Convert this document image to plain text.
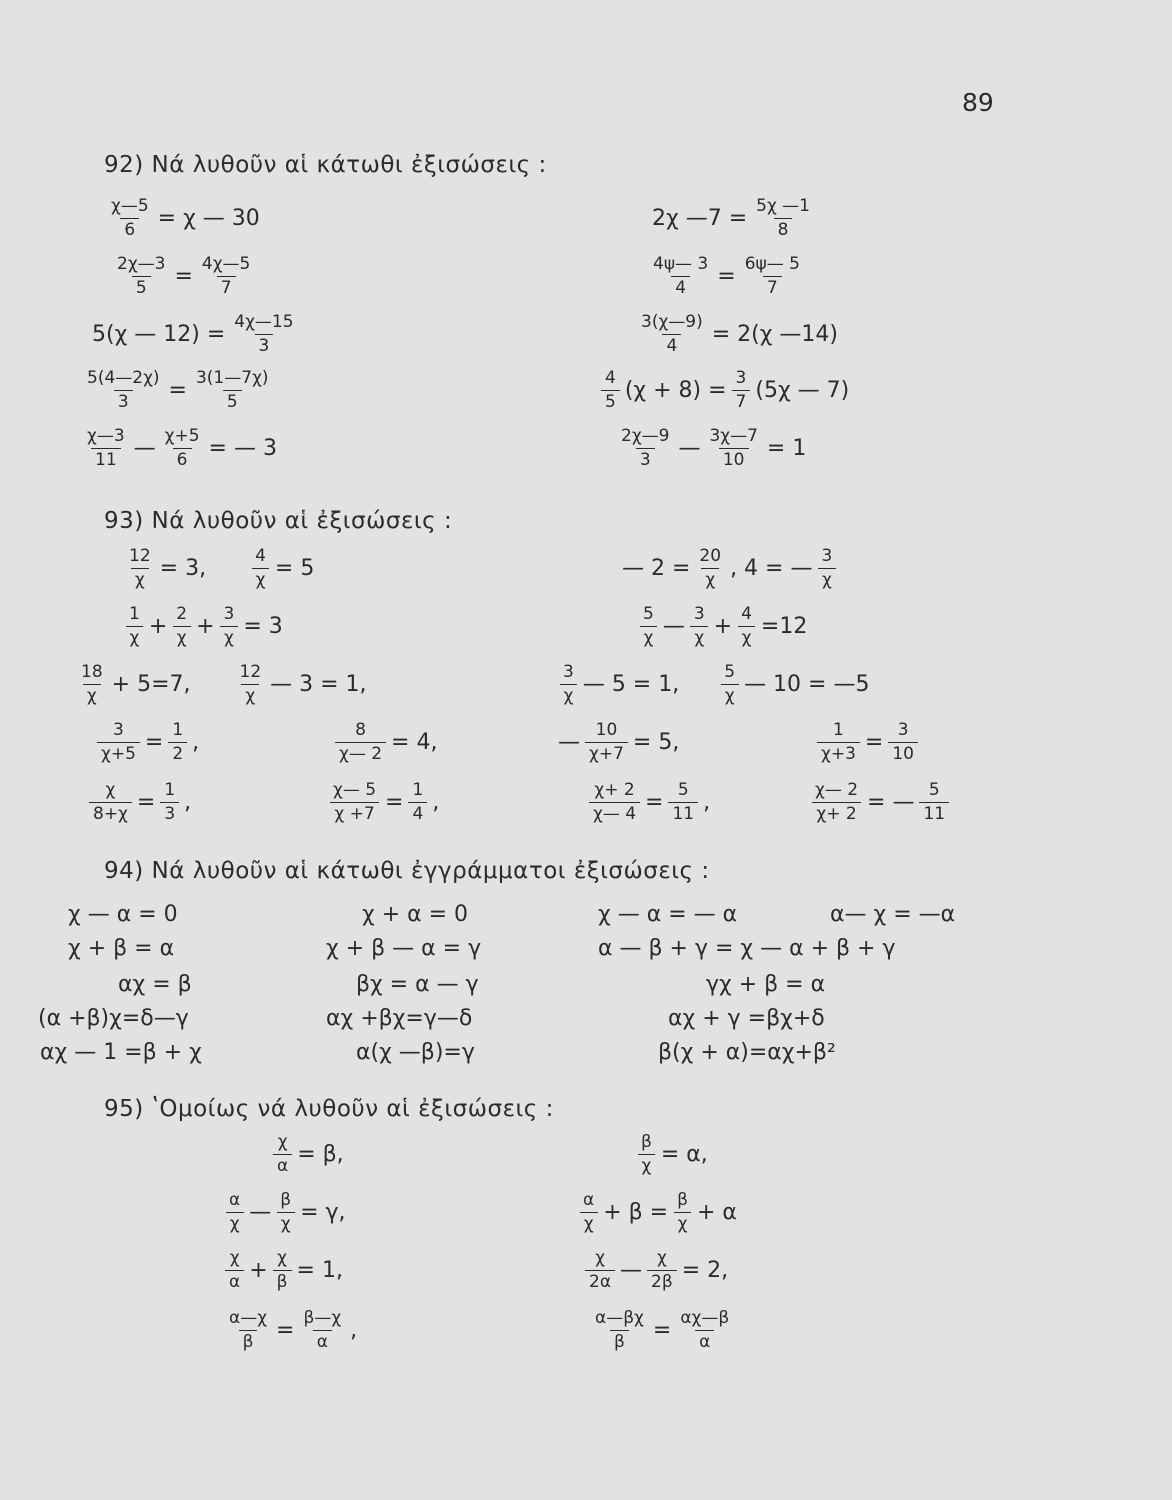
89
92) Νά λυθοῦν αἱ κάτωθι ἐξισώσεις :
$\frac{\chi—5}{6} = \chi$ — 30	2χ —7 = $\frac{5\chi —1}{8}$
$\frac{2\chi—3}{5} = \frac{4\chi—5}{7}$	$\frac{4\psi— 3}{4} = \frac{6\psi— 5}{7}$
5(χ — $12) = \frac{4\chi—15}{3}$	$\frac{3(\chi—9)}{4} = 2(\chi$ —14)
$\frac{5(4—2\chi)}{3} = \frac{3(1—7\chi)}{5}$	$\frac{4}{5} (\chi + 8) = \frac{3}{7} (5\chi$ — 7)
$\frac{\chi—3}{11}$ — $\frac{\chi+5}{6}$ = — 3	$\frac{2\chi—9}{3}$ — $\frac{3\chi—7}{10} = 1$
93) Νά λυθοῦν αἱ ἐξισώσεις :
$\frac{12}{\chi} = 3$,	$\frac{4}{\chi} = 5$	— $2 = \frac{20}{\chi}$ , 4 = — $\frac{3}{\chi}$
$\frac{1}{\chi} + \frac{2}{\chi} + \frac{3}{\chi} = 3$	$\frac{5}{\chi}$ — $\frac{3}{\chi} + \frac{4}{\chi} =12$
$\frac{18}{\chi} + 5=7$,	$\frac{12}{\chi}$ — 3 = 1,	$\frac{3}{\chi}$ — 5 = 1, $\frac{5}{\chi}$ — 10 = —5
$\frac{3}{\chi+5} = \frac{1}{2}$ ,	$\frac{8}{\chi— 2} = 4$,	— $\frac{10}{\chi+7} = 5$,	$\frac{1}{\chi+3} = \frac{3}{10}$
$\frac{\chi}{8+\chi} = \frac{1}{3}$ ,	$\frac{\chi— 5}{\chi +7} = \frac{1}{4}$ ,	$\frac{\chi+ 2}{\chi— 4} = \frac{5}{11}$ ,	$\frac{\chi— 2}{\chi+ 2}$ = — $\frac{5}{11}$
94) Νά λυθοῦν αἱ κάτωθι ἐγγράμματοι ἐξισώσεις :
χ — α = 0	χ + α = 0	χ — α = — α	α— χ = —α
χ + β = α	χ + β — α = γ	α — β + γ = χ — α + β + γ
αχ = β	βχ = α — γ	γχ + β = α
(α +β)χ=δ—γ	αχ +βχ=γ—δ	αχ + γ =βχ+δ
αχ — 1 =β + χ	α(χ —β)=γ	β(χ + α)=αχ+β²
95) ʽΟμοίως νά λυθοῦν αἱ ἐξισώσεις :
$\frac{\chi}{\alpha} = \beta$,	$\frac{\beta}{\chi} = \alpha$,
$\frac{\alpha}{\chi}$ — $\frac{\beta}{\chi} = \gamma$,	$\frac{\alpha}{\chi} + \beta = \frac{\beta}{\chi} + \alpha$
$\frac{\chi}{\alpha} + \frac{\chi}{\beta} = 1$,	$\frac{\chi}{2\alpha}$ — $\frac{\chi}{2\beta} = 2$,
$\frac{\alpha—\chi}{\beta} = \frac{\beta—\chi}{\alpha}$ ,	$\frac{\alpha—\beta\chi}{\beta} = \frac{\alpha\chi—\beta}{\alpha}$
